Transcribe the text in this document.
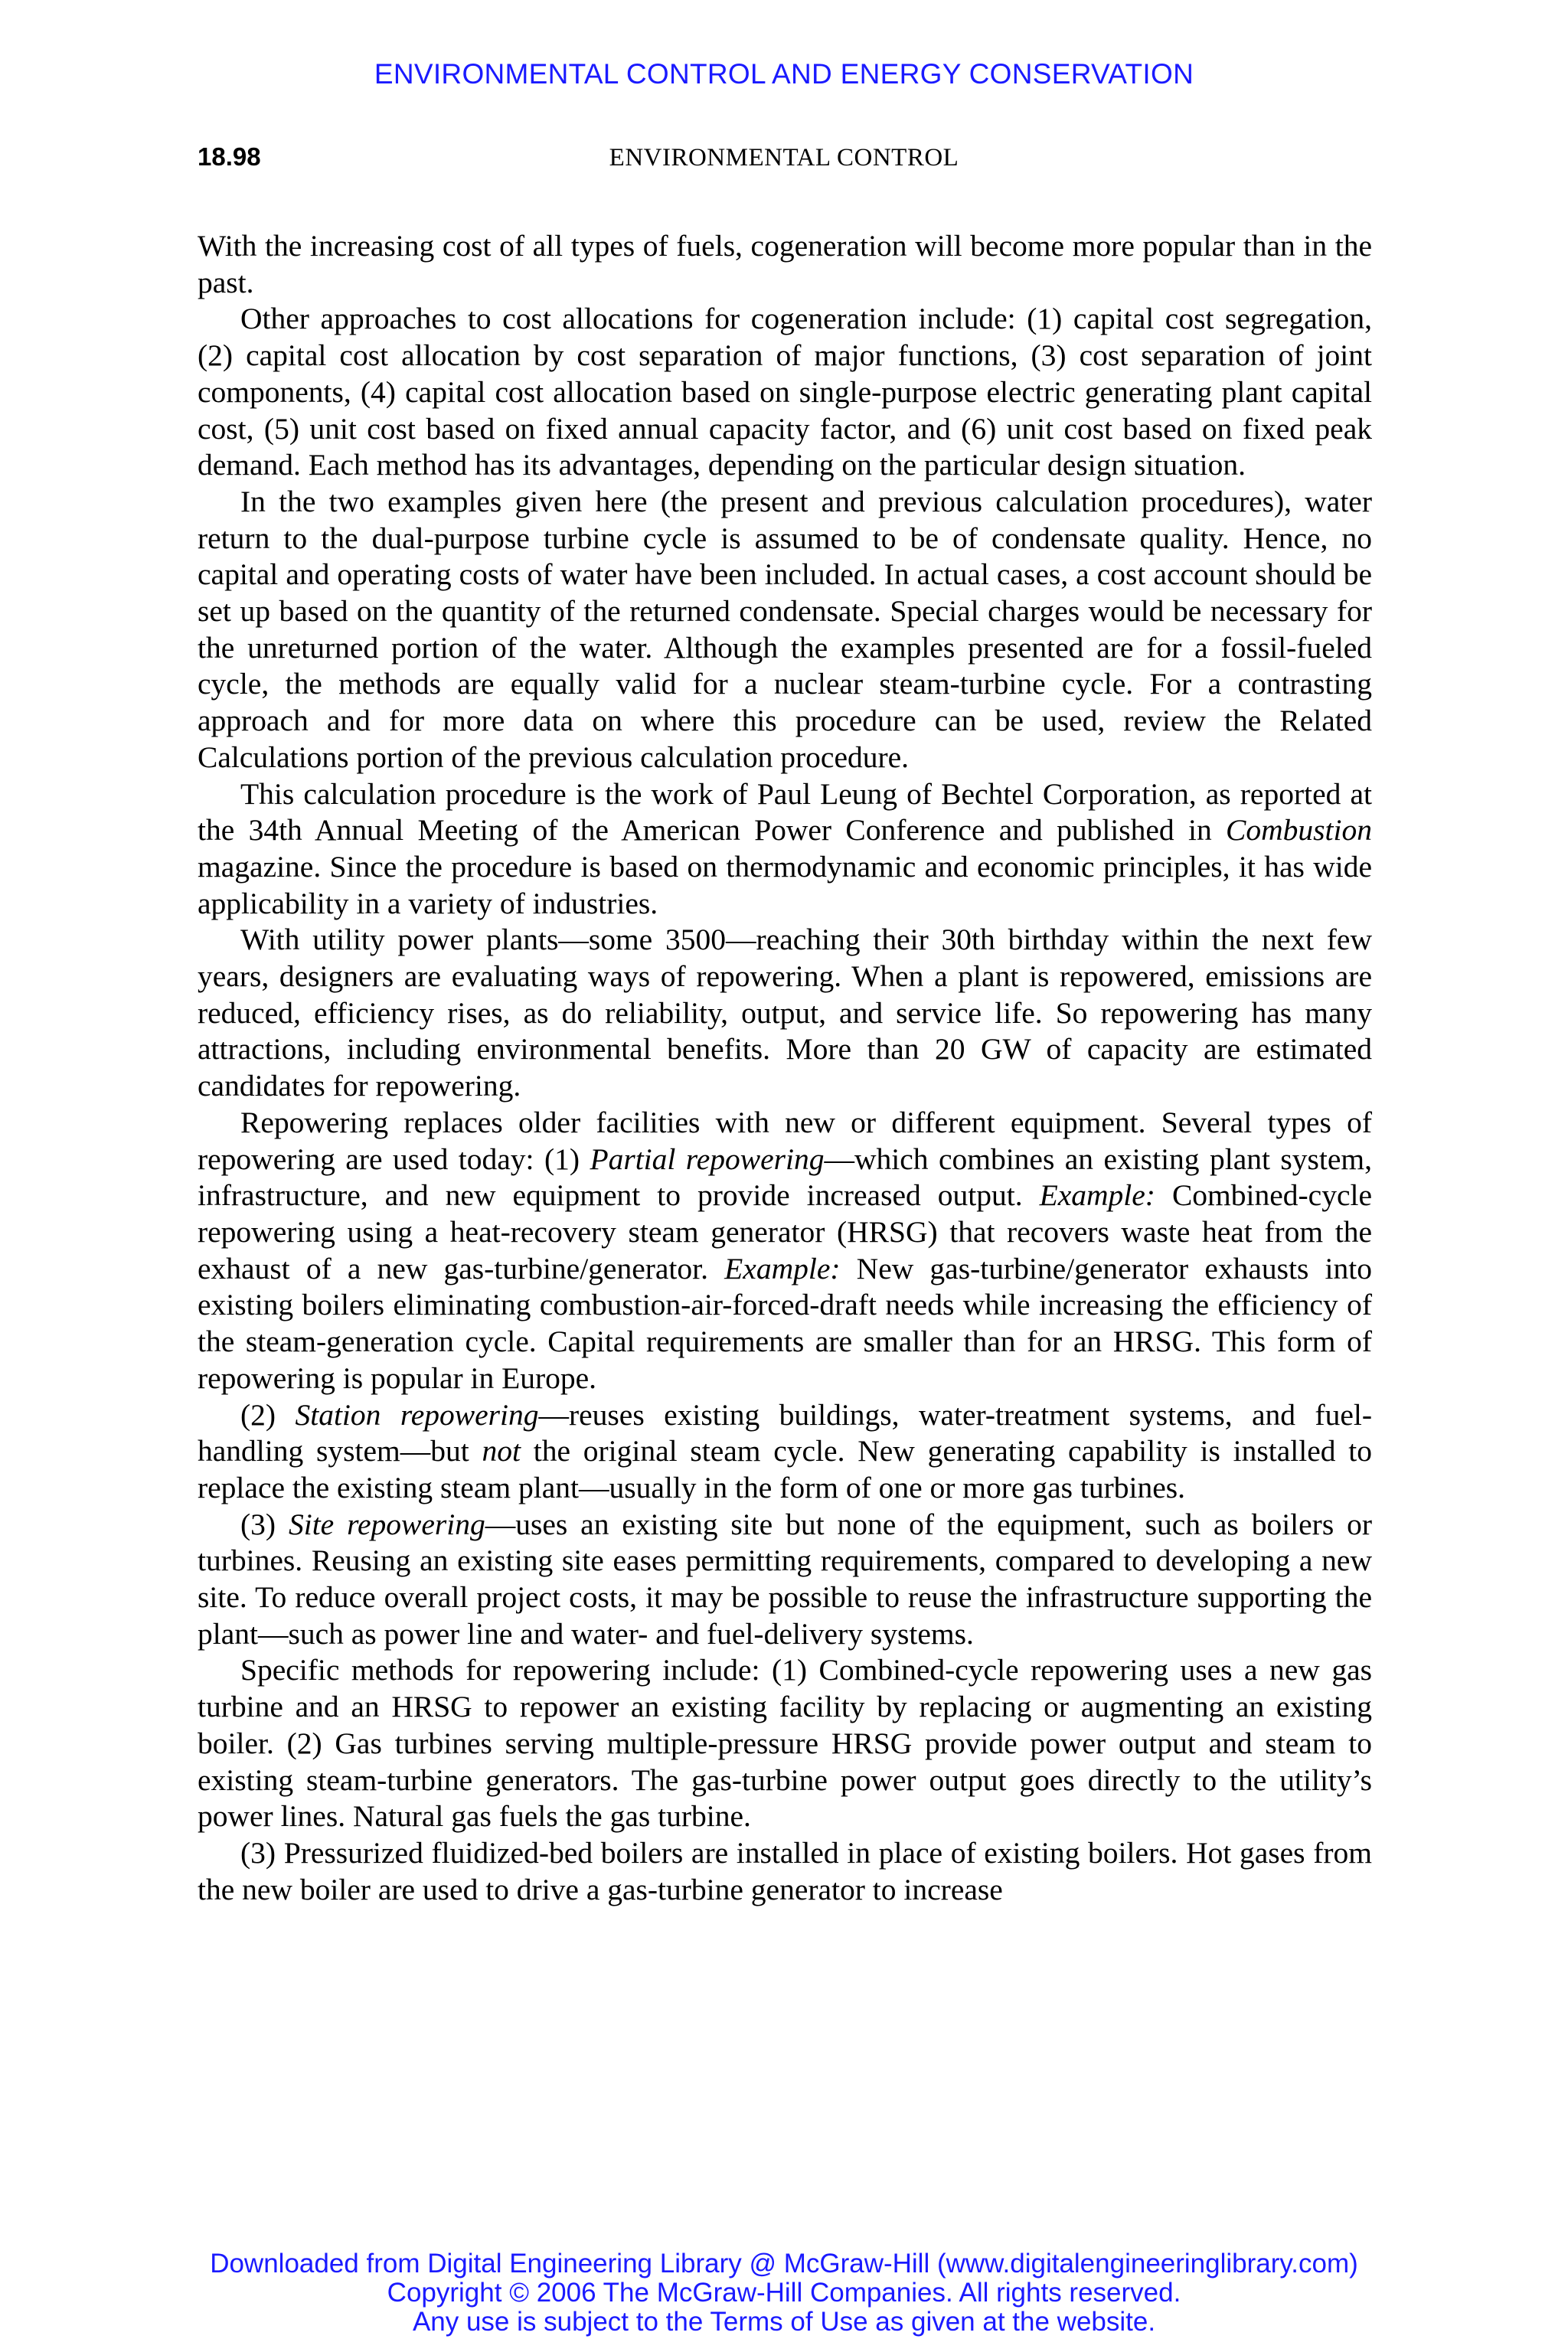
ENVIRONMENTAL CONTROL AND ENERGY CONSERVATION
18.98	ENVIRONMENTAL CONTROL

With the increasing cost of all types of fuels, cogeneration will become more popular than in the past.

Other approaches to cost allocations for cogeneration include: (1) capital cost segregation, (2) capital cost allocation by cost separation of major functions, (3) cost separation of joint components, (4) capital cost allocation based on single-purpose electric generating plant capital cost, (5) unit cost based on fixed annual capacity factor, and (6) unit cost based on fixed peak demand. Each method has its advantages, depending on the particular design situation.

In the two examples given here (the present and previous calculation procedures), water return to the dual-purpose turbine cycle is assumed to be of condensate quality. Hence, no capital and operating costs of water have been included. In actual cases, a cost account should be set up based on the quantity of the returned condensate. Special charges would be necessary for the unreturned portion of the water. Although the examples presented are for a fossil-fueled cycle, the methods are equally valid for a nuclear steam-turbine cycle. For a contrasting approach and for more data on where this procedure can be used, review the Related Calculations portion of the previous calculation procedure.

This calculation procedure is the work of Paul Leung of Bechtel Corporation, as reported at the 34th Annual Meeting of the American Power Conference and published in Combustion magazine. Since the procedure is based on thermodynamic and economic principles, it has wide applicability in a variety of industries.

With utility power plants—some 3500—reaching their 30th birthday within the next few years, designers are evaluating ways of repowering. When a plant is repowered, emissions are reduced, efficiency rises, as do reliability, output, and service life. So repowering has many attractions, including environmental benefits. More than 20 GW of capacity are estimated candidates for repowering.

Repowering replaces older facilities with new or different equipment. Several types of repowering are used today: (1) Partial repowering—which combines an existing plant system, infrastructure, and new equipment to provide increased output. Example: Combined-cycle repowering using a heat-recovery steam generator (HRSG) that recovers waste heat from the exhaust of a new gas-turbine/generator. Example: New gas-turbine/generator exhausts into existing boilers eliminating combustion-air-forced-draft needs while increasing the efficiency of the steam-generation cycle. Capital requirements are smaller than for an HRSG. This form of repowering is popular in Europe.

(2) Station repowering—reuses existing buildings, water-treatment systems, and fuel-handling system—but not the original steam cycle. New generating capability is installed to replace the existing steam plant—usually in the form of one or more gas turbines.

(3) Site repowering—uses an existing site but none of the equipment, such as boilers or turbines. Reusing an existing site eases permitting requirements, compared to developing a new site. To reduce overall project costs, it may be possible to reuse the infrastructure supporting the plant—such as power line and water- and fuel-delivery systems.

Specific methods for repowering include: (1) Combined-cycle repowering uses a new gas turbine and an HRSG to repower an existing facility by replacing or augmenting an existing boiler. (2) Gas turbines serving multiple-pressure HRSG provide power output and steam to existing steam-turbine generators. The gas-turbine power output goes directly to the utility’s power lines. Natural gas fuels the gas turbine.

(3) Pressurized fluidized-bed boilers are installed in place of existing boilers. Hot gases from the new boiler are used to drive a gas-turbine generator to increase

Downloaded from Digital Engineering Library @ McGraw-Hill (www.digitalengineeringlibrary.com)
Copyright © 2006 The McGraw-Hill Companies. All rights reserved.
Any use is subject to the Terms of Use as given at the website.
